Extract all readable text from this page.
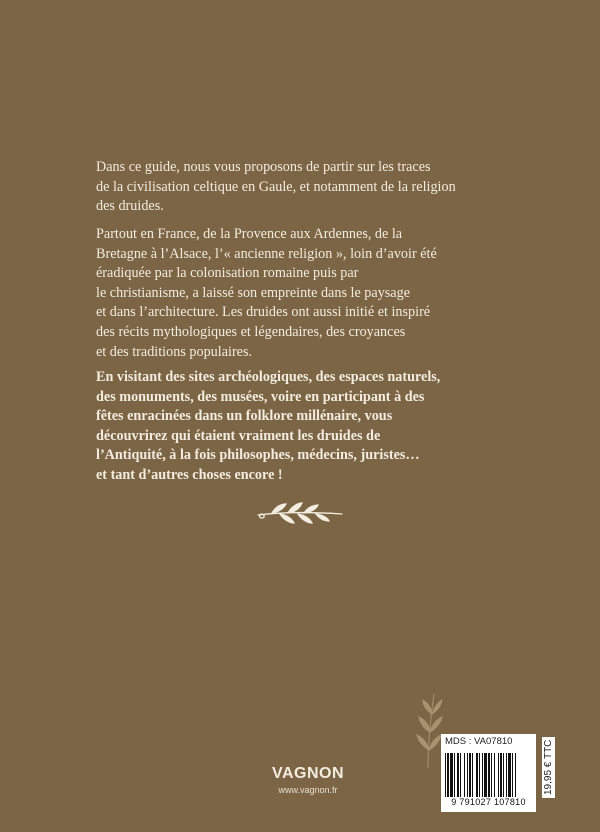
Dans ce guide, nous vous proposons de partir sur les traces
de la civilisation celtique en Gaule, et notamment de la religion
des druides.

Partout en France, de la Provence aux Ardennes, de la
Bretagne à l’Alsace, l’« ancienne religion », loin d’avoir été
éradiquée par la colonisation romaine puis par
le christianisme, a laissé son empreinte dans le paysage
et dans l’architecture. Les druides ont aussi initié et inspiré
des récits mythologiques et légendaires, des croyances
et des traditions populaires.

En visitant des sites archéologiques, des espaces naturels,
des monuments, des musées, voire en participant à des
fêtes enracinées dans un folklore millénaire, vous
découvrirez qui étaient vraiment les druides de
l’Antiquité, à la fois philosophes, médecins, juristes…
et tant d’autres choses encore !

VAGNON
www.vagnon.fr
MDS : VA07810
9 791027 107810
19,95 € TTC
